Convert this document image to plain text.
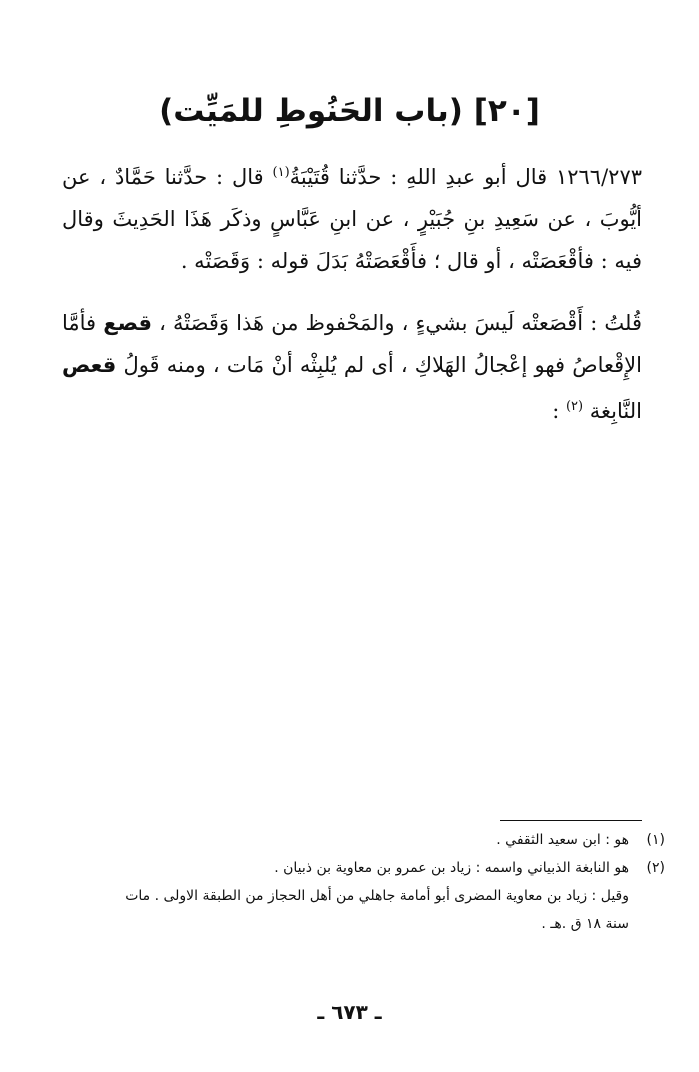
[٢٠] (باب الحَنُوطِ للمَيِّت)

١٢٦٦/٢٧٣ قال أبو عبدِ اللهِ : حدَّثنا قُتَيْبَةُ$^{(١)}$ قال : حدَّثنا حَمَّادٌ ، عن أيُّوبَ ، عن سَعِيدِ بنِ جُبَيْرٍ ، عن ابنِ عَبَّاسٍ وذكَر هَذَا الحَدِيثَ وقال فيه : فأقْعَصَتْه ، أو قال ؛ فأَقْعَصَتْهُ بَدَلَ قوله : وَقَصَتْه .

قُلتُ : أَقْصَعتْه لَيسَ بشيءٍ ، والمَحْفوظ من هَذا وَقَصَتْهُ ، قصع فأمَّا الإِقْعاصُ فهو إعْجالُ الهَلاكِ ، أى لم يُلبِثْه أنْ مَات ، ومنه قَولُ قعص النَّابِغة $^{(٢)}$ :

(١)
هو : ابن سعيد الثقفي .
(٢)
هو النابغة الذبياني واسمه : زياد بن عمرو بن معاوية بن ذبيان .
وقيل : زياد بن معاوية المضرى أبو أمامة جاهلي من أهل الحجاز من الطبقة الاولى . مات سنة ١٨ ق .هـ .
ـ ٦٧٣ ـ
